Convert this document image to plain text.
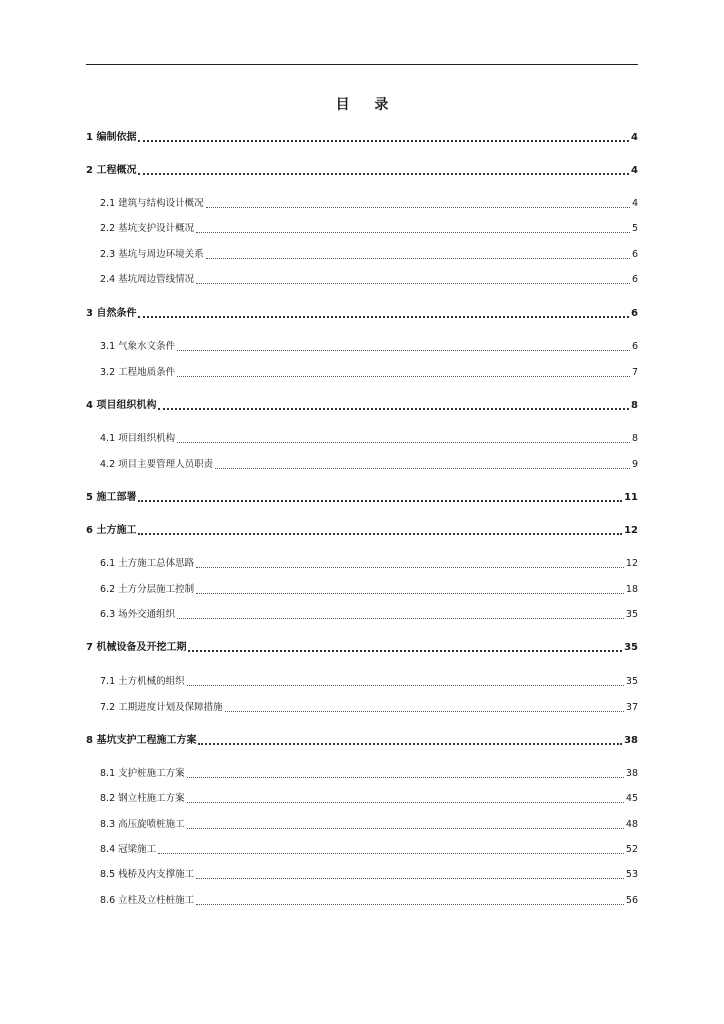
目 录
1 编制依据	4
2 工程概况	4
2.1 建筑与结构设计概况	4
2.2 基坑支护设计概况	5
2.3 基坑与周边环境关系	6
2.4 基坑周边管线情况	6
3 自然条件	6
3.1 气象水文条件	6
3.2 工程地质条件	7
4 项目组织机构	8
4.1 项目组织机构	8
4.2 项目主要管理人员职责	9
5 施工部署	11
6 土方施工	12
6.1 土方施工总体思路	12
6.2 土方分层施工控制	18
6.3 场外交通组织	35
7 机械设备及开挖工期	35
7.1 土方机械的组织	35
7.2 工期进度计划及保障措施	37
8 基坑支护工程施工方案	38
8.1 支护桩施工方案	38
8.2 钢立柱施工方案	45
8.3 高压旋喷桩施工	48
8.4 冠梁施工	52
8.5 栈桥及内支撑施工	53
8.6 立柱及立柱桩施工	56
